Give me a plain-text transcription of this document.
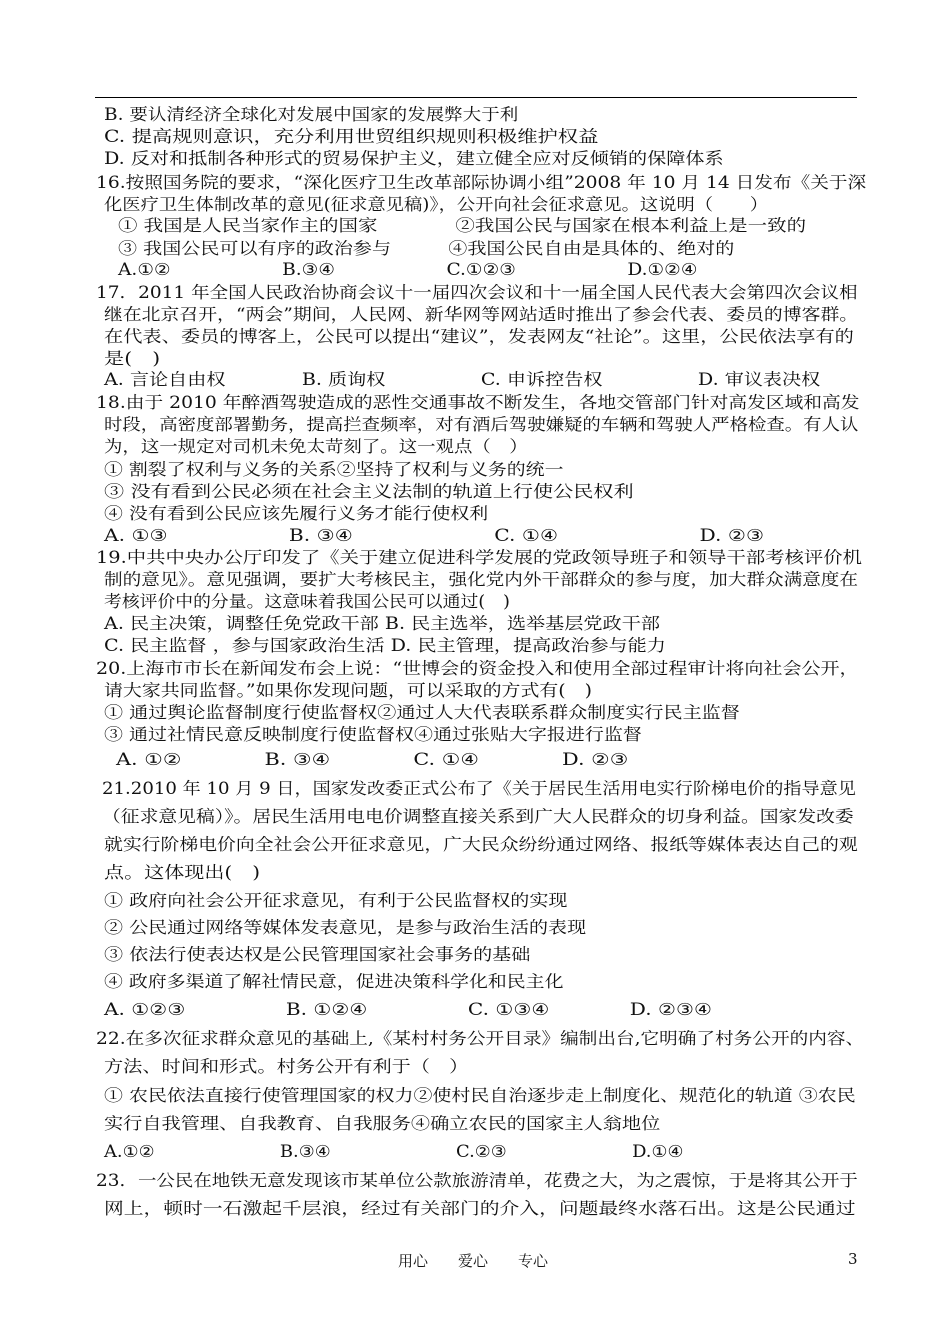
B. 要认清经济全球化对发展中国家的发展弊大于利
C. 提高规则意识，充分利用世贸组织规则积极维护权益
D. 反对和抵制各种形式的贸易保护主义，建立健全应对反倾销的保障体系
16.按照国务院的要求，“深化医疗卫生改革部际协调小组”2008 年 10 月 14 日发布《关于深
化医疗卫生体制改革的意见(征求意见稿)》，公开向社会征求意见。这说明（　　）
① 我国是人民当家作主的国家　　　　②我国公民与国家在根本利益上是一致的
③ 我国公民可以有序的政治参与　　　④我国公民自由是具体的、绝对的
A.①②　　　　　　B.③④　　　　　　C.①②③　　　　　　D.①②④
17．2011 年全国人民政治协商会议十一届四次会议和十一届全国人民代表大会第四次会议相
继在北京召开，“两会”期间，人民网、新华网等网站适时推出了参会代表、委员的博客群。
在代表、委员的博客上，公民可以提出“建议”，发表网友“社论”。这里，公民依法享有的
是(　)
A. 言论自由权　　　　B. 质询权　　　　　C. 申诉控告权　　　　　D. 审议表决权
18.由于 2010 年醉酒驾驶造成的恶性交通事故不断发生，各地交管部门针对高发区域和高发
时段，高密度部署勤务，提高拦查频率，对有酒后驾驶嫌疑的车辆和驾驶人严格检查。有人认
为，这一规定对司机未免太苛刻了。这一观点（　）
① 割裂了权利与义务的关系②坚持了权利与义务的统一
③ 没有看到公民必须在社会主义法制的轨道上行使公民权利
④ 没有看到公民应该先履行义务才能行使权利
A. ①③　　　　　　B. ③④　　　　　　　C. ①④　　　　　　　D. ②③
19.中共中央办公厅印发了《关于建立促进科学发展的党政领导班子和领导干部考核评价机
制的意见》。意见强调，要扩大考核民主，强化党内外干部群众的参与度，加大群众满意度在
考核评价中的分量。这意味着我国公民可以通过(　)
A. 民主决策，调整任免党政干部 B. 民主选举，选举基层党政干部
C. 民主监督 ，参与国家政治生活 D. 民主管理，提高政治参与能力
20.上海市市长在新闻发布会上说：“世博会的资金投入和使用全部过程审计将向社会公开，
请大家共同监督。”如果你发现问题，可以采取的方式有(　)
① 通过舆论监督制度行使监督权②通过人大代表联系群众制度实行民主监督
③ 通过社情民意反映制度行使监督权④通过张贴大字报进行监督
A. ①②　　　　B. ③④　　　　C. ①④　　　　D. ②③
21.2010 年 10 月 9 日，国家发改委正式公布了《关于居民生活用电实行阶梯电价的指导意见
（征求意见稿）》。居民生活用电电价调整直接关系到广大人民群众的切身利益。国家发改委
就实行阶梯电价向全社会公开征求意见，广大民众纷纷通过网络、报纸等媒体表达自己的观
点。这体现出(　)
① 政府向社会公开征求意见，有利于公民监督权的实现
② 公民通过网络等媒体发表意见，是参与政治生活的表现
③ 依法行使表达权是公民管理国家社会事务的基础
④ 政府多渠道了解社情民意，促进决策科学化和民主化
A. ①②③　　　　　B. ①②④　　　　　C. ①③④　　　　D. ②③④
22.在多次征求群众意见的基础上,《某村村务公开目录》编制出台,它明确了村务公开的内容、
方法、时间和形式。村务公开有利于（　）
① 农民依法直接行使管理国家的权力②使村民自治逐步走上制度化、规范化的轨道 ③农民
实行自我管理、自我教育、自我服务④确立农民的国家主人翁地位
A.①②　　　　　　　B.③④　　　　　　　C.②③　　　　　　　D.①④
23．一公民在地铁无意发现该市某单位公款旅游清单，花费之大，为之震惊，于是将其公开于
网上，顿时一石激起千层浪，经过有关部门的介入，问题最终水落石出。这是公民通过
用心　　爱心　　专心	3
